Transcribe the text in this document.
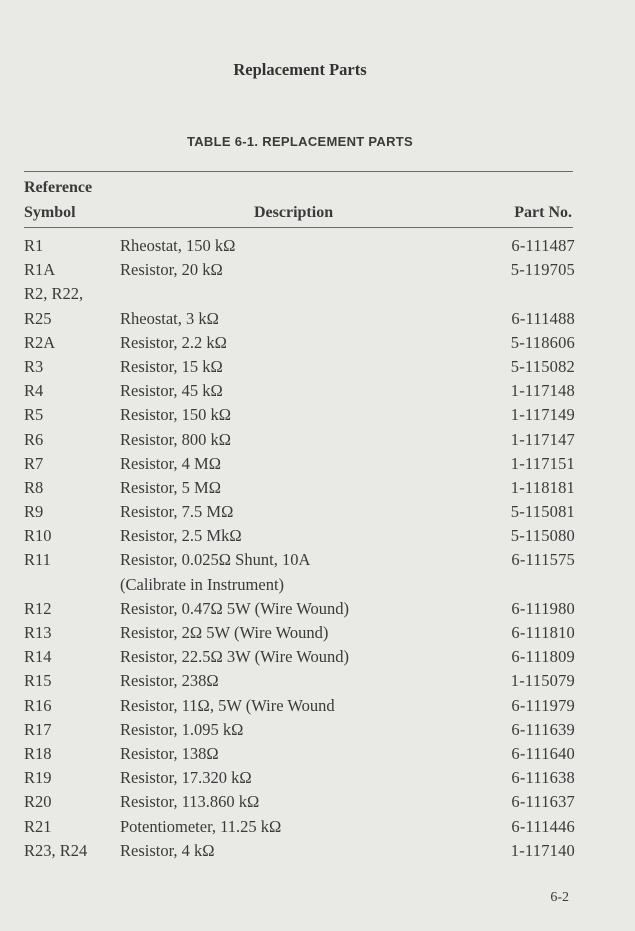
Replacement Parts
TABLE 6-1. REPLACEMENT PARTS
Reference
Symbol	Description	Part No.
R1	Rheostat, 150 kΩ	6-111487
R1A	Resistor, 20 kΩ	5-119705
R2, R22,
R25	Rheostat, 3 kΩ	6-111488
R2A	Resistor, 2.2 kΩ	5-118606
R3	Resistor, 15 kΩ	5-115082
R4	Resistor, 45 kΩ	1-117148
R5	Resistor, 150 kΩ	1-117149
R6	Resistor, 800 kΩ	1-117147
R7	Resistor, 4 MΩ	1-117151
R8	Resistor, 5 MΩ	1-118181
R9	Resistor, 7.5 MΩ	5-115081
R10	Resistor, 2.5 MkΩ	5-115080
R11	Resistor, 0.025Ω Shunt, 10A	6-111575
(Calibrate in Instrument)
R12	Resistor, 0.47Ω 5W (Wire Wound)	6-111980
R13	Resistor, 2Ω 5W (Wire Wound)	6-111810
R14	Resistor, 22.5Ω 3W (Wire Wound)	6-111809
R15	Resistor, 238Ω	1-115079
R16	Resistor, 11Ω, 5W (Wire Wound	6-111979
R17	Resistor, 1.095 kΩ	6-111639
R18	Resistor, 138Ω	6-111640
R19	Resistor, 17.320 kΩ	6-111638
R20	Resistor, 113.860 kΩ	6-111637
R21	Potentiometer, 11.25 kΩ	6-111446
R23, R24 Resistor, 4 kΩ	1-117140
6-2
